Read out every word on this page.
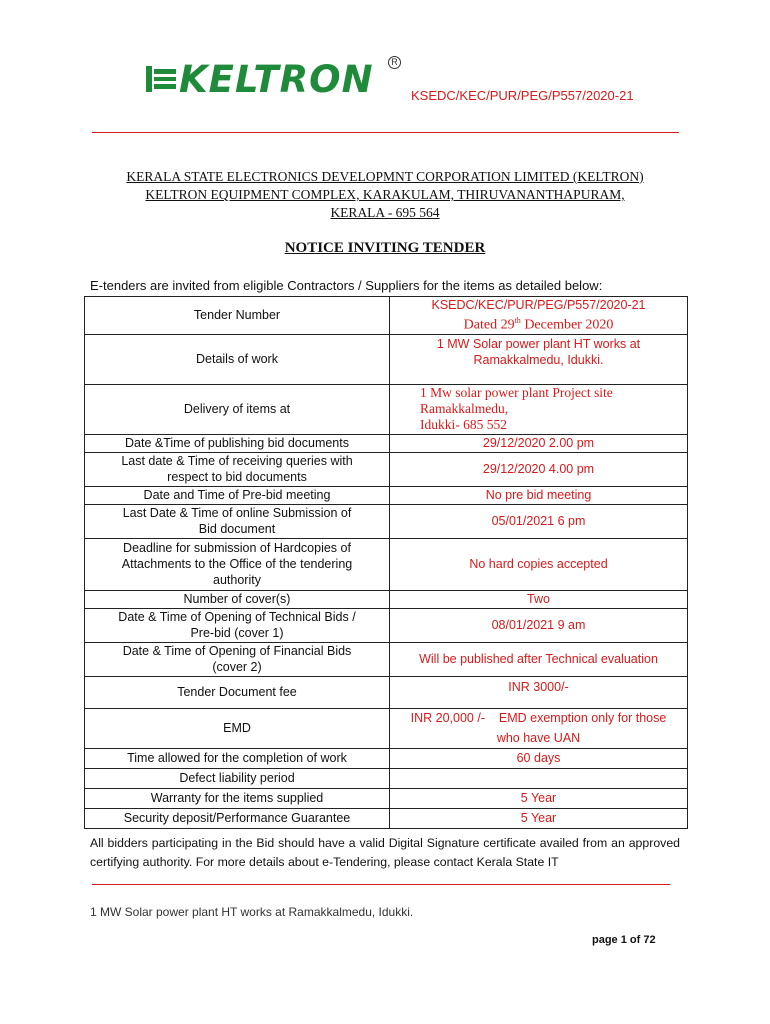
KELTRON	R
KSEDC/KEC/PUR/PEG/P557/2020-21
KERALA STATE ELECTRONICS DEVELOPMNT CORPORATION LIMITED (KELTRON)
KELTRON EQUIPMENT COMPLEX, KARAKULAM, THIRUVANANTHAPURAM,
KERALA - 695 564
NOTICE INVITING TENDER
E-tenders are invited from eligible Contractors / Suppliers for the items as detailed below:
Tender Number	KSEDC/KEC/PUR/PEG/P557/2020-21
Dated 29th December 2020

Details of work	1 MW Solar power plant HT works at
Ramakkalmedu, Idukki.

Delivery of items at	1 Mw solar power plant Project site
Ramakkalmedu,
Idukki- 685 552

Date &Time of publishing bid documents	29/12/2020 2.00 pm

Last date & Time of receiving queries with
respect to bid documents	29/12/2020 4.00 pm
Date and Time of Pre-bid meeting	No pre bid meeting

Last Date & Time of online Submission of
Bid document	05/01/2021 6 pm

Deadline for submission of Hardcopies of
Attachments to the Office of the tendering
authority	No hard copies accepted
Number of cover(s)	Two

Date & Time of Opening of Technical Bids /
Pre-bid (cover 1)	08/01/2021 9 am

Date & Time of Opening of Financial Bids
(cover 2)	Will be published after Technical evaluation
Tender Document fee	INR 3000/-
EMD	INR 20,000 /-    EMD exemption only for those
who have UAN

Time allowed for the completion of work	60 days
Defect liability period	
Warranty for the items supplied	5 Year
Security deposit/Performance Guarantee	5 Year
All bidders participating in the Bid should have a valid Digital Signature certificate availed from an approved certifying authority. For more details about e-Tendering, please contact Kerala State IT
1 MW Solar power plant HT works at Ramakkalmedu, Idukki.
page 1 of 72
